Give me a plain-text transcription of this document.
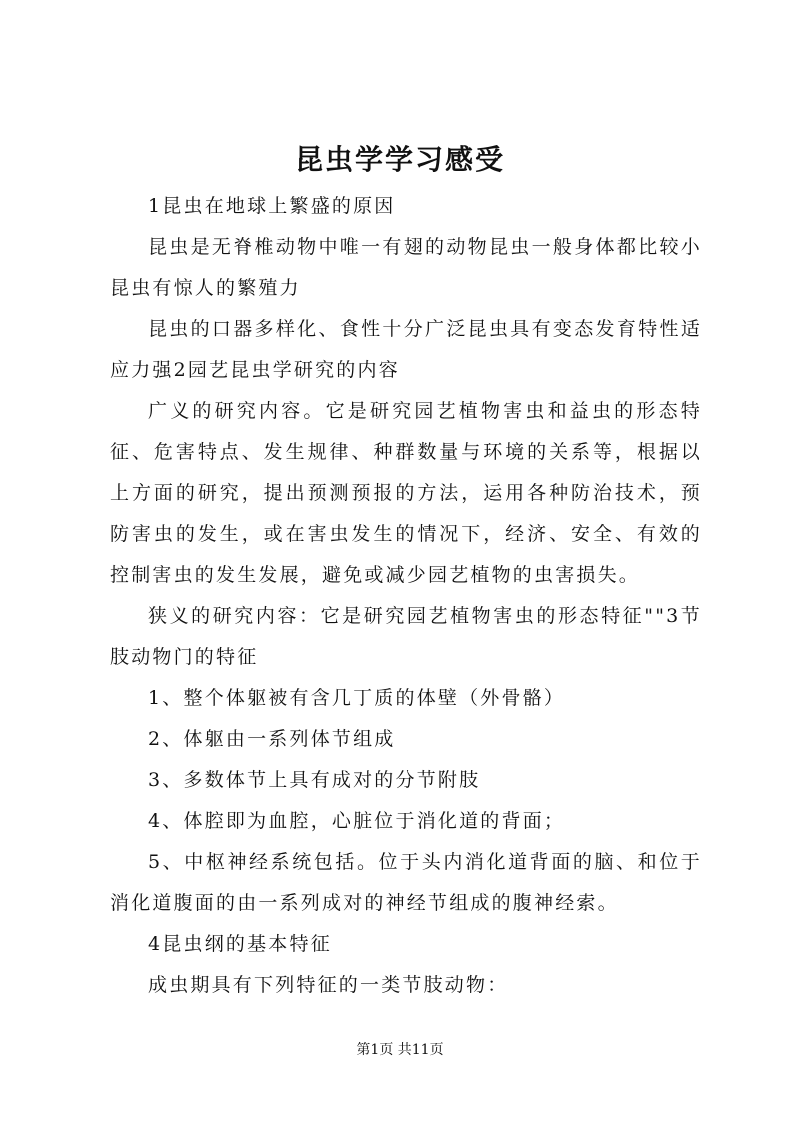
昆虫学学习感受

1昆虫在地球上繁盛的原因

昆虫是无脊椎动物中唯一有翅的动物昆虫一般身体都比较小昆虫有惊人的繁殖力

昆虫的口器多样化、食性十分广泛昆虫具有变态发育特性适应力强2园艺昆虫学研究的内容

广义的研究内容。它是研究园艺植物害虫和益虫的形态特征、危害特点、发生规律、种群数量与环境的关系等，根据以上方面的研究，提出预测预报的方法，运用各种防治技术，预防害虫的发生，或在害虫发生的情况下，经济、安全、有效的控制害虫的发生发展，避免或减少园艺植物的虫害损失。

狭义的研究内容：它是研究园艺植物害虫的形态特征""3节肢动物门的特征

1、整个体躯被有含几丁质的体壁（外骨骼）

2、体躯由一系列体节组成

3、多数体节上具有成对的分节附肢

4、体腔即为血腔，心脏位于消化道的背面；

5、中枢神经系统包括。位于头内消化道背面的脑、和位于消化道腹面的由一系列成对的神经节组成的腹神经索。

4昆虫纲的基本特征

成虫期具有下列特征的一类节肢动物：

第1页 共11页
